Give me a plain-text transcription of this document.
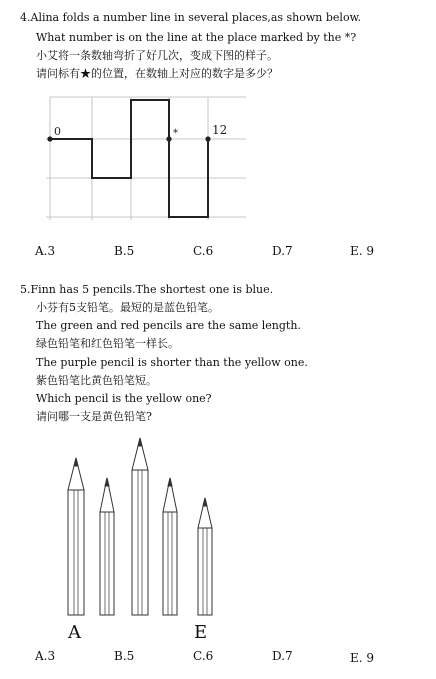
4.Alina folds a number line in several places,as shown below.
What number is on the line at the place marked by the *?
小艾将一条数轴弯折了好几次，变成下图的样子。
请问标有★的位置，在数轴上对应的数字是多少？
0	*	12
A.3	B.5	C.6	D.7	E. 9
5.Finn has 5 pencils.The shortest one is blue.
小芬有5支铅笔。最短的是蓝色铅笔。
The green and red pencils are the same length.
绿色铅笔和红色铅笔一样长。
The purple pencil is shorter than the yellow one.
紫色铅笔比黄色铅笔短。
Which pencil is the yellow one?
请问哪一支是黄色铅笔?
A	E
A.3	B.5	C.6	D.7	E. 9
